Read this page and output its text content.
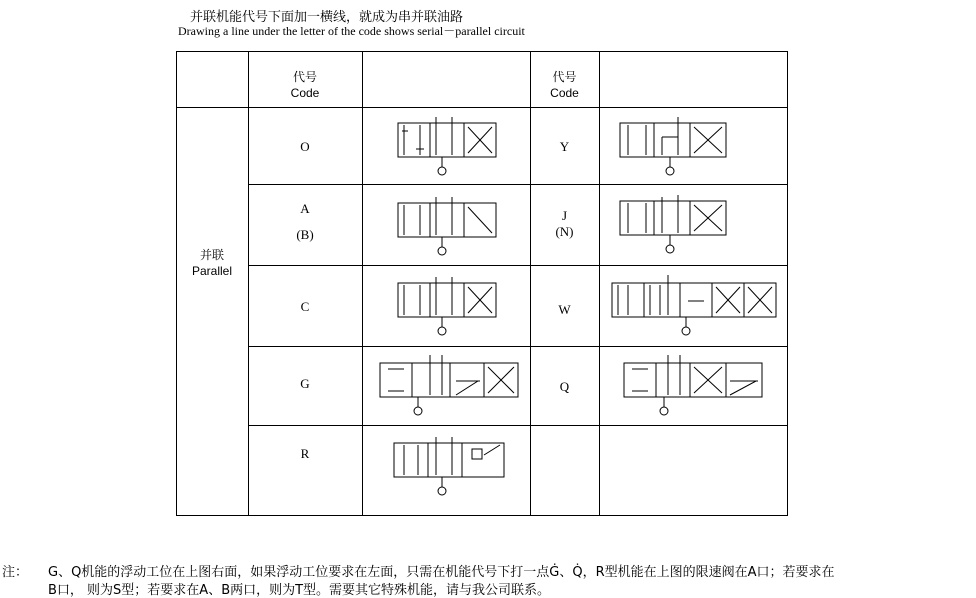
并联机能代号下面加一横线，就成为串并联油路
Drawing a line under the letter of the code shows serial－parallel circuit
代号
Code
代号
Code
并联
Parallel
O
A
(B)
C
G
R
Y
J
(N)
W
Q
注： G、Q机能的浮动工位在上图右面，如果浮动工位要求在左面，只需在机能代号下打一点Ġ、Q̇，R型机能在上图的限速阀在A口；若要求在
B口， 则为S型；若要求在A、B两口，则为T型。需要其它特殊机能，请与我公司联系。
